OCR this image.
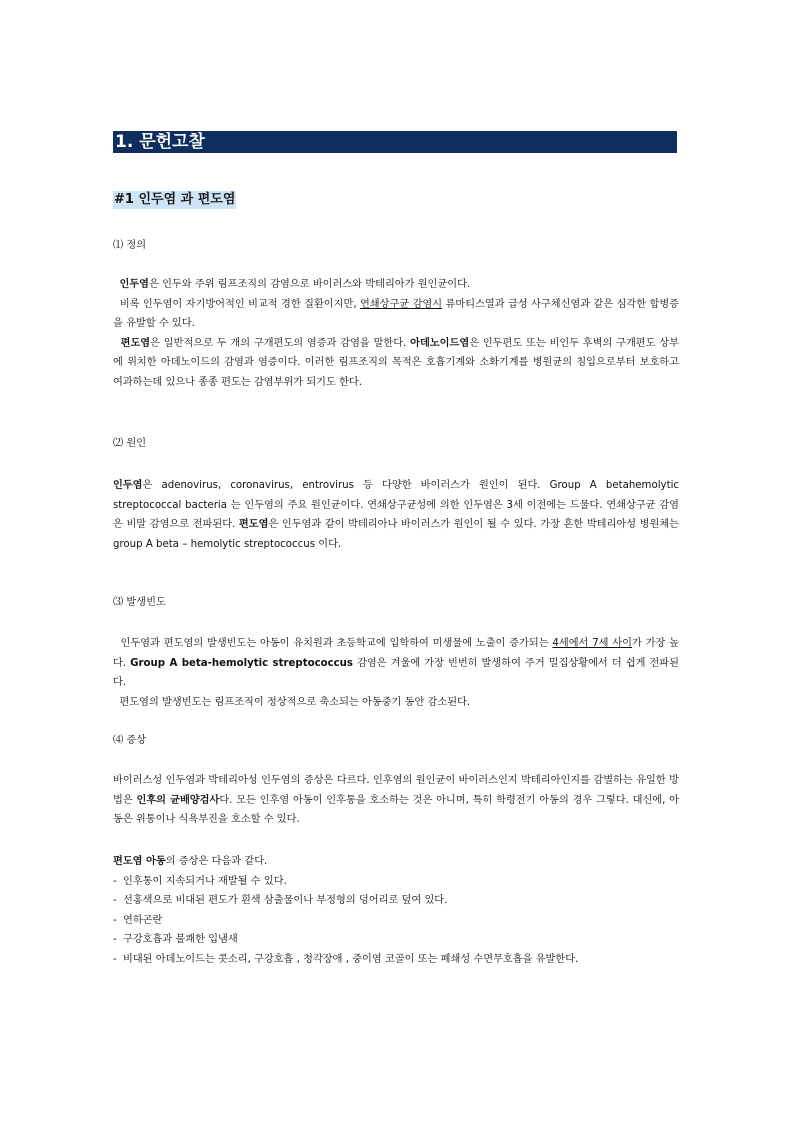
1. 문헌고찰
#1 인두염 과 편도염

⑴ 정의

인두염은 인두와 주위 림프조직의 감염으로 바이러스와 박테리아가 원인균이다.

비록 인두염이 자기방어적인 비교적 경한 질환이지만, 연쇄상구균 감염시 류마티스열과 급성 사구체신염과 같은 심각한 합병증을 유발할 수 있다.

편도염은 일반적으로 두 개의 구개편도의 염증과 감염을 말한다. 아데노이드염은 인두편도 또는 비인두 후벽의 구개편도 상부에 위치한 아데노이드의 감염과 염증이다. 이러한 림프조직의 목적은 호흡기계와 소화기계를 병원균의 침입으로부터 보호하고 여과하는데 있으나 종종 편도는 감염부위가 되기도 한다.

⑵ 원인

인두염은 adenovirus, coronavirus, entrovirus 등 다양한 바이러스가 원인이 된다. Group A betahemolytic streptococcal bacteria 는 인두염의 주요 원인균이다. 연쇄상구균성에 의한 인두염은 3세 이전에는 드물다. 연쇄상구균 감염은 비말 감염으로 전파된다. 편도염은 인두염과 같이 박테리아나 바이러스가 원인이 될 수 있다. 가장 흔한 박테리아성 병원체는 group A beta – hemolytic streptococcus 이다.

⑶ 발생빈도

인두염과 편도염의 발생빈도는 아동이 유치원과 초등학교에 입학하여 미생물에 노출이 증가되는 4세에서 7세 사이가 가장 높다. Group A beta-hemolytic streptococcus 감염은 겨울에 가장 빈번히 발생하여 주거 밀집상황에서 더 쉽게 전파된다.

편도염의 발생빈도는 림프조직이 정상적으로 축소되는 아동중기 동안 감소된다.

⑷ 증상

바이러스성 인두염과 박테리아성 인두염의 증상은 다르다. 인후염의 원인균이 바이러스인지 박테리아인지를 감별하는 유일한 방법은 인후의 균배양검사다. 모든 인후염 아동이 인후통을 호소하는 것은 아니며, 특히 학령전기 아동의 경우 그렇다. 대신에, 아동은 위통이나 식욕부진을 호소할 수 있다.

편도염 아동의 증상은 다음과 같다.

- 인후통이 지속되거나 재발될 수 있다.
- 선홍색으로 비대된 편도가 흰색 삼출물이나 부정형의 덩어리로 덮여 있다.
- 연하곤란
- 구강호흡과 불쾌한 입냄새
- 비대된 아데노이드는 콧소리, 구강호흡 , 청각장애 , 중이염 코골이 또는 폐쇄성 수면무호흡을 유발한다.
